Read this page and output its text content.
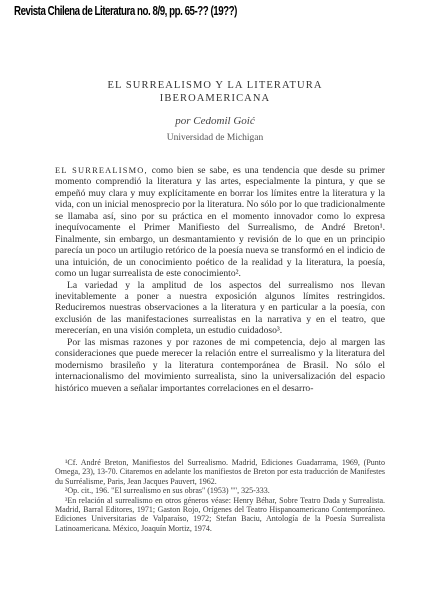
Revista Chilena de Literatura no. 8/9, pp. 65-?? (19??)
EL SURREALISMO Y LA LITERATURA
IBEROAMERICANA
por Cedomil Goić
Universidad de Michigan

EL SURREALISMO, como bien se sabe, es una tendencia que desde su primer momento comprendió la literatura y las artes, especialmente la pintura, y que se empeñó muy clara y muy explícitamente en borrar los límites entre la literatura y la vida, con un inicial menosprecio por la literatura. No sólo por lo que tradicionalmente se llamaba así, sino por su práctica en el momento innovador como lo expresa inequívocamente el Primer Manifiesto del Surrealismo, de André Breton¹. Finalmente, sin embargo, un desmantamiento y revisión de lo que en un principio parecía un poco un artilugio retórico de la poesía nueva se transformó en el indicio de una intuición, de un conocimiento poético de la realidad y la literatura, la poesía, como un lugar surrealista de este conocimiento².

La variedad y la amplitud de los aspectos del surrealismo nos llevan inevitablemente a poner a nuestra exposición algunos límites restringidos. Reduciremos nuestras observaciones a la literatura y en particular a la poesía, con exclusión de las manifestaciones surrealistas en la narrativa y en el teatro, que merecerían, en una visión completa, un estudio cuidadoso³.

Por las mismas razones y por razones de mi competencia, dejo al margen las consideraciones que puede merecer la relación entre el surrealismo y la literatura del modernismo brasileño y la literatura contemporánea de Brasil. No sólo el internacionalismo del movimiento surrealista, sino la universalización del espacio histórico mueven a señalar importantes correlaciones en el desarro-

¹Cf. André Breton, Manifiestos del Surrealismo. Madrid, Ediciones Guadarrama, 1969, (Punto Omega, 23), 13-70. Citaremos en adelante los manifiestos de Breton por esta traducción de Manifestes du Surréalisme, Paris, Jean Jacques Pauvert, 1962.

²Op. cit., 196. "El surrealismo en sus obras" (1953) "", 325-333.

³En relación al surrealismo en otros géneros véase: Henry Béhar, Sobre Teatro Dada y Surrealista. Madrid, Barral Editores, 1971; Gaston Rojo, Orígenes del Teatro Hispanoamericano Contemporáneo. Ediciones Universitarias de Valparaíso, 1972; Stefan Baciu, Antología de la Poesía Surrealista Latinoamericana. México, Joaquín Mortiz, 1974.
